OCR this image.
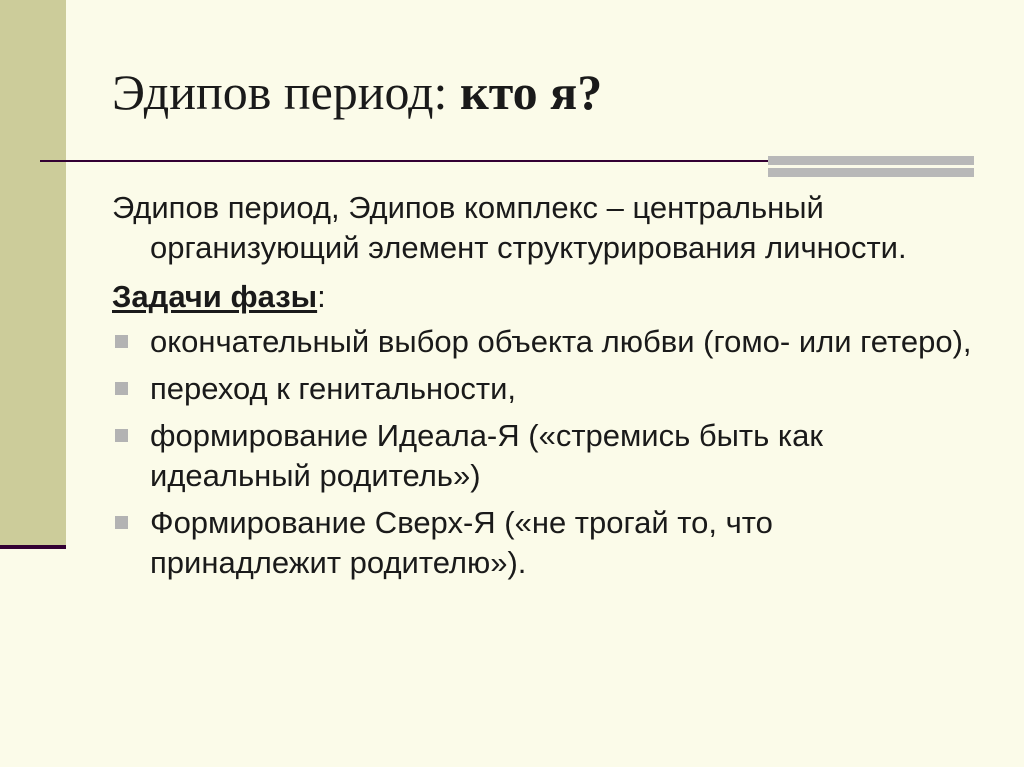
Эдипов период: кто я?

Эдипов период, Эдипов комплекс – центральный организующий элемент структурирования личности.

Задачи фазы:

окончательный выбор объекта любви (гомо- или гетеро),
переход к генитальности,
формирование Идеала-Я («стремись быть как идеальный родитель»)
Формирование Сверх-Я («не трогай то, что принадлежит родителю»).
